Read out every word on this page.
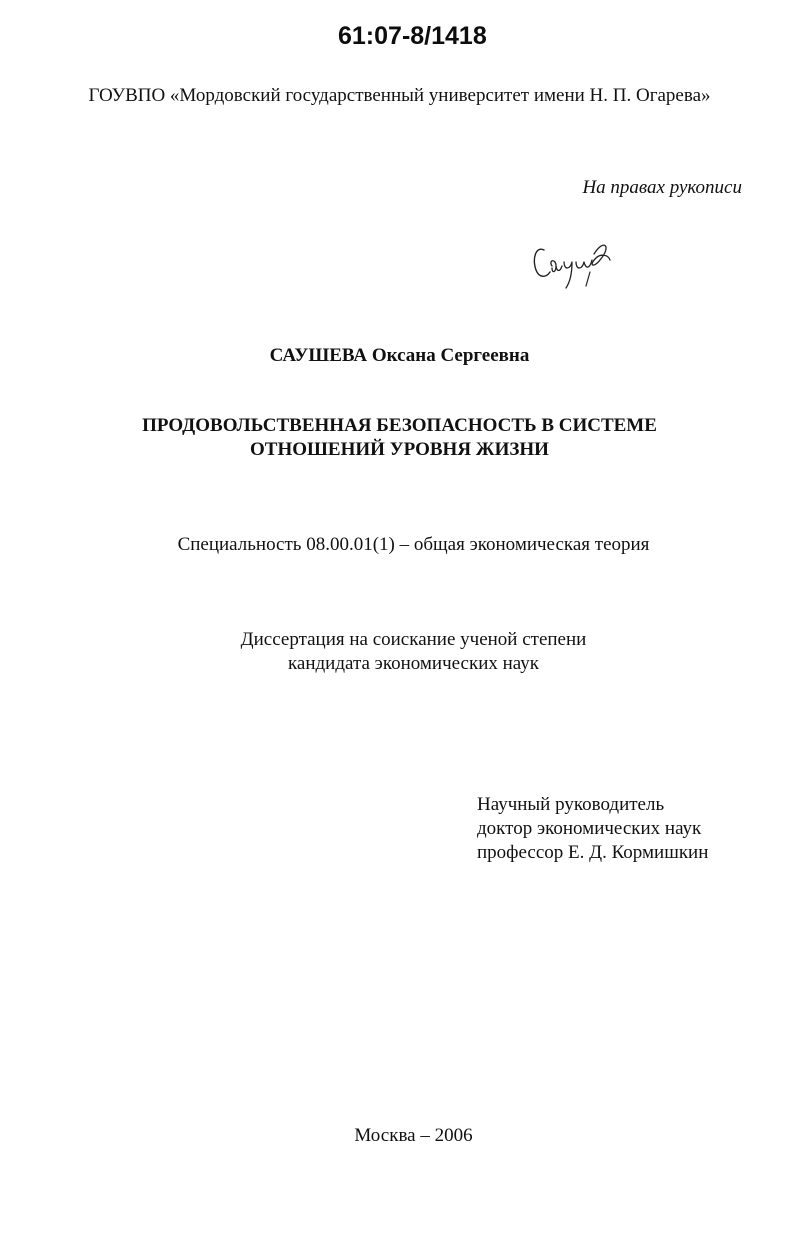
61:07-8/1418
ГОУВПО «Мордовский государственный университет имени Н. П. Огарева»
На правах рукописи
САУШЕВА Оксана Сергеевна
ПРОДОВОЛЬСТВЕННАЯ БЕЗОПАСНОСТЬ В СИСТЕМЕ
ОТНОШЕНИЙ УРОВНЯ ЖИЗНИ
Специальность 08.00.01(1) – общая экономическая теория
Диссертация на соискание ученой степени
кандидата экономических наук
Научный руководитель
доктор экономических наук
профессор Е. Д. Кормишкин
Москва – 2006
